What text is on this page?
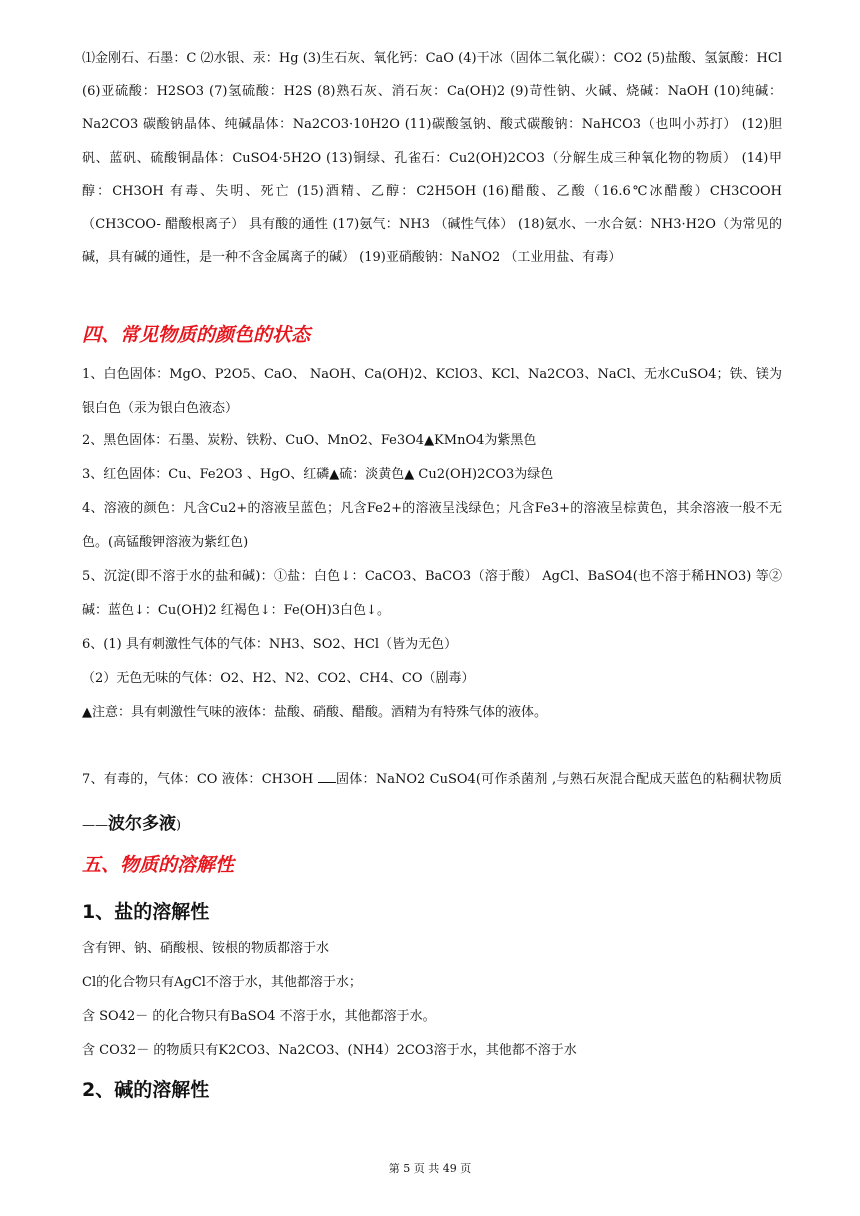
⑴金刚石、石墨：C ⑵水银、汞：Hg (3)生石灰、氧化钙：CaO (4)干冰（固体二氧化碳）：CO2 (5)盐酸、氢氯酸：HCl (6)亚硫酸：H2SO3 (7)氢硫酸：H2S (8)熟石灰、消石灰：Ca(OH)2 (9)苛性钠、火碱、烧碱：NaOH (10)纯碱：Na2CO3 碳酸钠晶体、纯碱晶体：Na2CO3·10H2O (11)碳酸氢钠、酸式碳酸钠：NaHCO3（也叫小苏打） (12)胆矾、蓝矾、硫酸铜晶体：CuSO4·5H2O (13)铜绿、孔雀石：Cu2(OH)2CO3（分解生成三种氧化物的物质） (14)甲醇：CH3OH 有毒、失明、死亡 (15)酒精、乙醇：C2H5OH (16)醋酸、乙酸（16.6℃冰醋酸）CH3COOH（CH3COO- 醋酸根离子） 具有酸的通性 (17)氨气：NH3 （碱性气体） (18)氨水、一水合氨：NH3·H2O（为常见的碱，具有碱的通性，是一种不含金属离子的碱） (19)亚硝酸钠：NaNO2 （工业用盐、有毒）
四、常见物质的颜色的状态
1、白色固体：MgO、P2O5、CaO、 NaOH、Ca(OH)2、KClO3、KCl、Na2CO3、NaCl、无水CuSO4；铁、镁为银白色（汞为银白色液态）
2、黑色固体：石墨、炭粉、铁粉、CuO、MnO2、Fe3O4▲KMnO4为紫黑色
3、红色固体：Cu、Fe2O3 、HgO、红磷▲硫：淡黄色▲ Cu2(OH)2CO3为绿色
4、溶液的颜色：凡含Cu2+的溶液呈蓝色；凡含Fe2+的溶液呈浅绿色；凡含Fe3+的溶液呈棕黄色，其余溶液一般不无色。(高锰酸钾溶液为紫红色)
5、沉淀(即不溶于水的盐和碱)：①盐：白色↓：CaCO3、BaCO3（溶于酸） AgCl、BaSO4(也不溶于稀HNO3) 等②碱：蓝色↓：Cu(OH)2 红褐色↓：Fe(OH)3白色↓。
6、(1) 具有刺激性气体的气体：NH3、SO2、HCl（皆为无色）
（2）无色无味的气体：O2、H2、N2、CO2、CH4、CO（剧毒）
▲注意：具有刺激性气味的液体：盐酸、硝酸、醋酸。酒精为有特殊气体的液体。
7、有毒的，气体：CO 液体：CH3OH 固体：NaNO2 CuSO4(可作杀菌剂 ,与熟石灰混合配成天蓝色的粘稠状物质——波尔多液)
五、物质的溶解性
1、盐的溶解性
含有钾、钠、硝酸根、铵根的物质都溶于水
Cl的化合物只有AgCl不溶于水，其他都溶于水；
含 SO42－ 的化合物只有BaSO4 不溶于水，其他都溶于水。
含 CO32－ 的物质只有K2CO3、Na2CO3、(NH4）2CO3溶于水，其他都不溶于水
2、碱的溶解性
第 5 页 共 49 页
